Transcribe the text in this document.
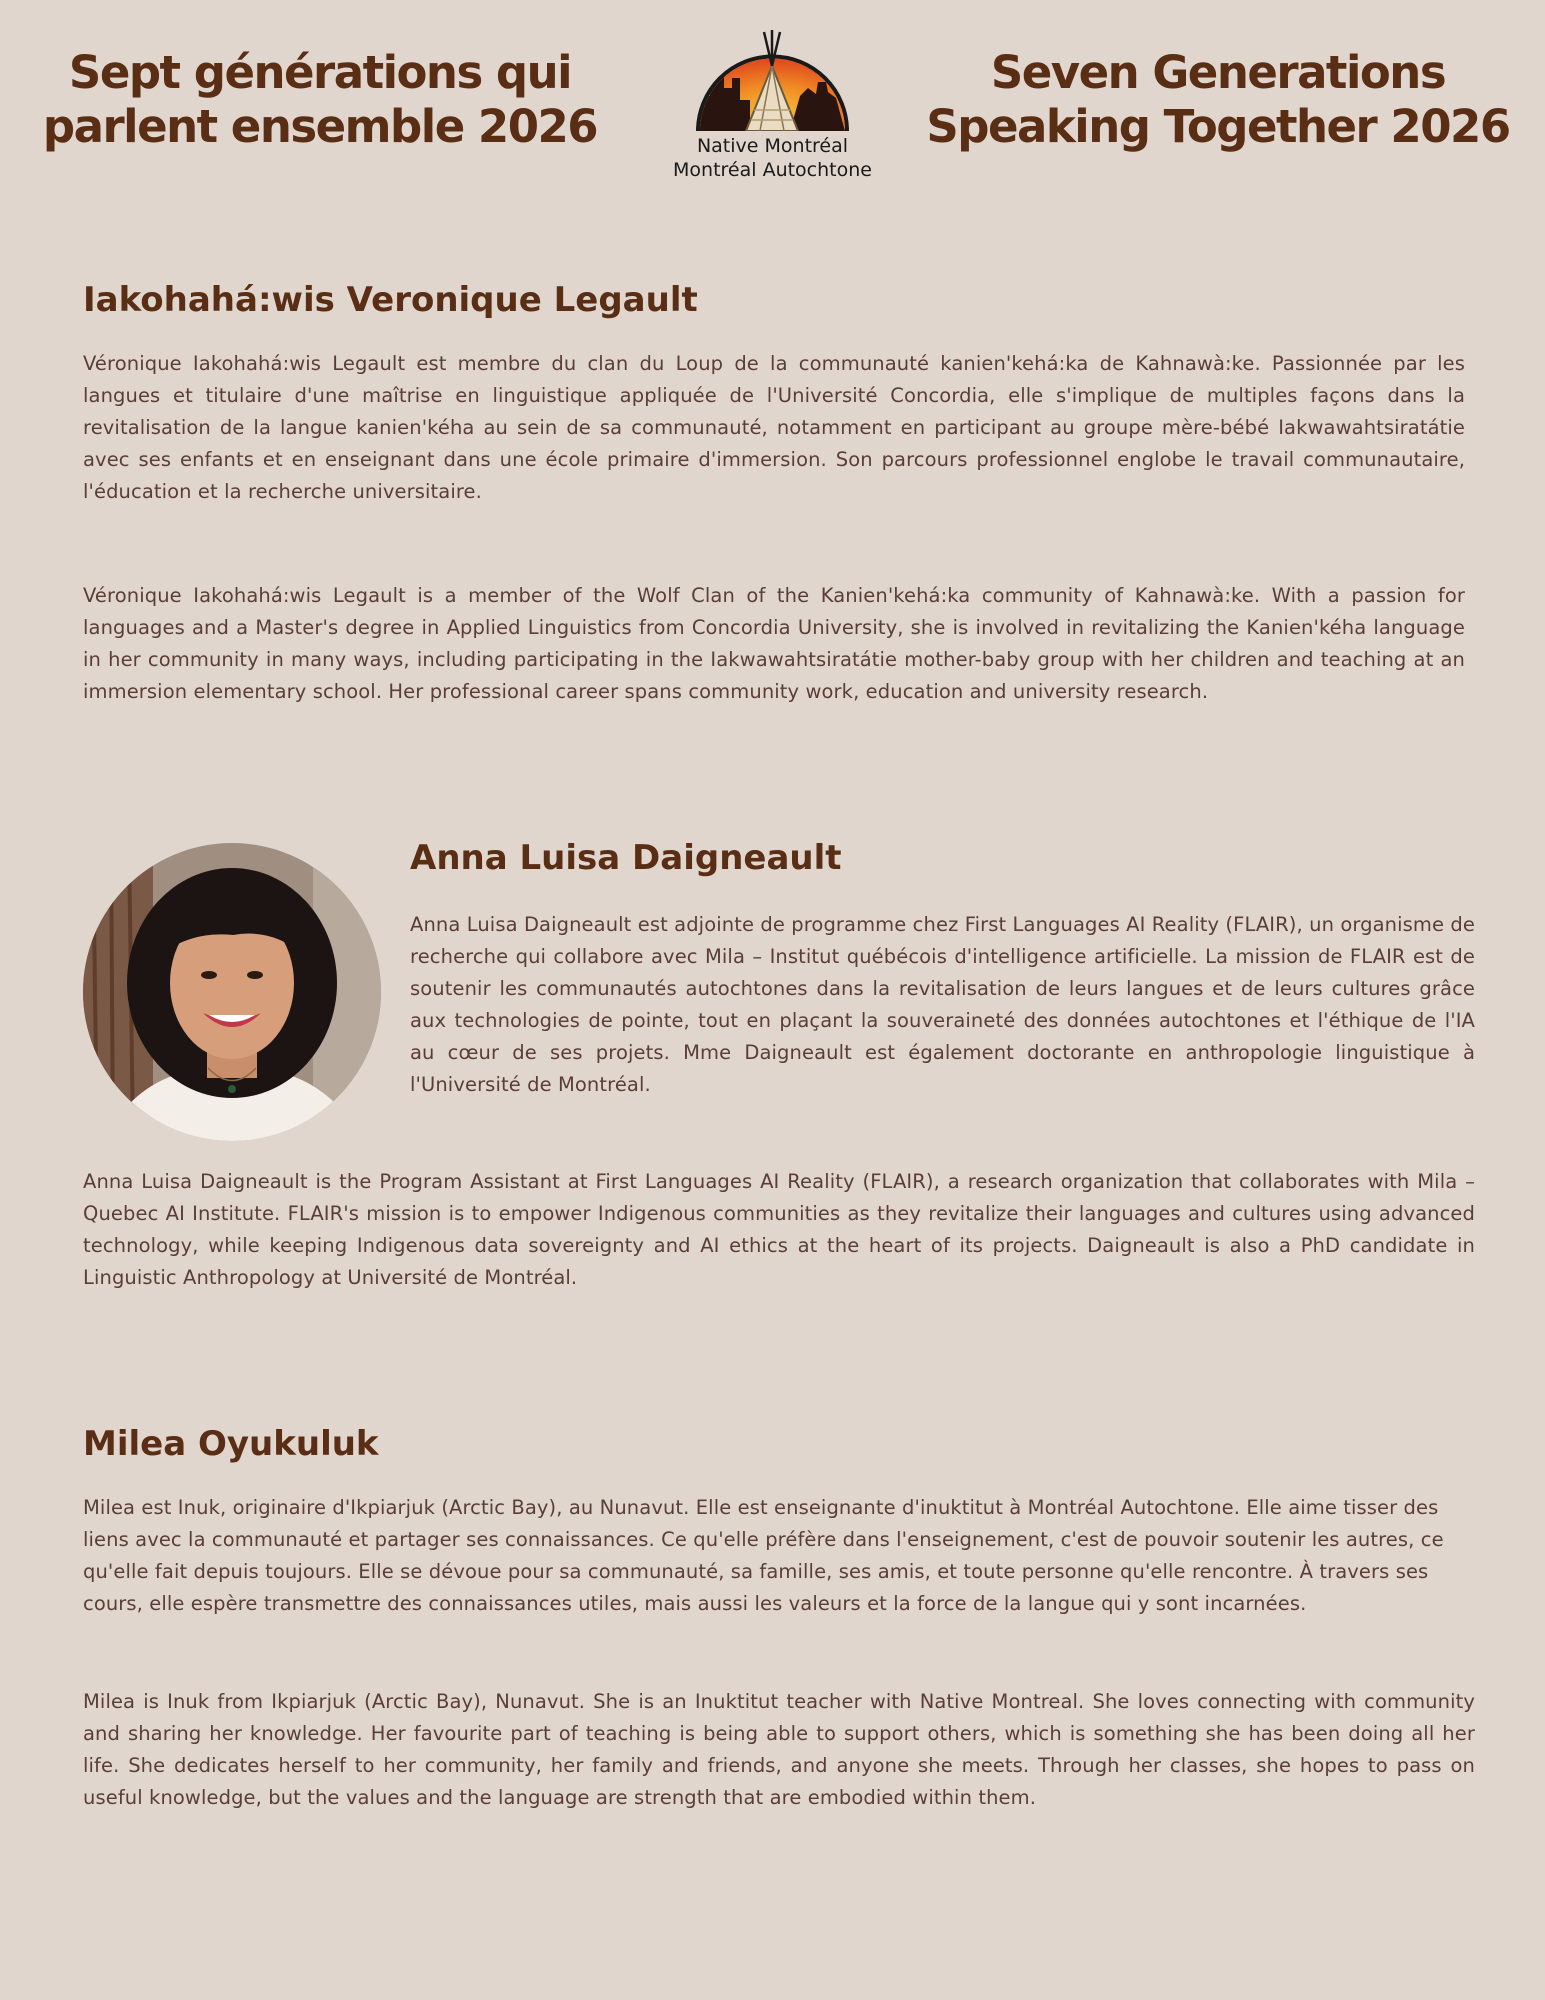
Sept générations qui parlent ensemble 2026	Native Montréal
Montréal Autochtone
Seven Generations Speaking Together 2026
Iakohahá:wis Veronique Legault

Véronique Iakohahá:wis Legault est membre du clan du Loup de la communauté kanien'kehá:ka de Kahnawà:ke. Passionnée par les langues et titulaire d'une maîtrise en linguistique appliquée de l'Université Concordia, elle s'implique de multiples façons dans la revitalisation de la langue kanien'kéha au sein de sa communauté, notamment en participant au groupe mère-bébé Iakwawahtsiratátie avec ses enfants et en enseignant dans une école primaire d'immersion. Son parcours professionnel englobe le travail communautaire, l'éducation et la recherche universitaire.

Véronique Iakohahá:wis Legault is a member of the Wolf Clan of the Kanien'kehá:ka community of Kahnawà:ke. With a passion for languages and a Master's degree in Applied Linguistics from Concordia University, she is involved in revitalizing the Kanien'kéha language in her community in many ways, including participating in the Iakwawahtsiratátie mother-baby group with her children and teaching at an immersion elementary school. Her professional career spans community work, education and university research.

Anna Luisa Daigneault

Anna Luisa Daigneault est adjointe de programme chez First Languages AI Reality (FLAIR), un organisme de recherche qui collabore avec Mila – Institut québécois d'intelligence artificielle. La mission de FLAIR est de soutenir les communautés autochtones dans la revitalisation de leurs langues et de leurs cultures grâce aux technologies de pointe, tout en plaçant la souveraineté des données autochtones et l'éthique de l'IA au cœur de ses projets. Mme Daigneault est également doctorante en anthropologie linguistique à l'Université de Montréal.

Anna Luisa Daigneault is the Program Assistant at First Languages AI Reality (FLAIR), a research organization that collaborates with Mila – Quebec AI Institute. FLAIR's mission is to empower Indigenous communities as they revitalize their languages and cultures using advanced technology, while keeping Indigenous data sovereignty and AI ethics at the heart of its projects. Daigneault is also a PhD candidate in Linguistic Anthropology at Université de Montréal.

Milea Oyukuluk

Milea est Inuk, originaire d'Ikpiarjuk (Arctic Bay), au Nunavut. Elle est enseignante d'inuktitut à Montréal Autochtone. Elle aime tisser des liens avec la communauté et partager ses connaissances. Ce qu'elle préfère dans l'enseignement, c'est de pouvoir soutenir les autres, ce qu'elle fait depuis toujours. Elle se dévoue pour sa communauté, sa famille, ses amis, et toute personne qu'elle rencontre. À travers ses cours, elle espère transmettre des connaissances utiles, mais aussi les valeurs et la force de la langue qui y sont incarnées.

Milea is Inuk from Ikpiarjuk (Arctic Bay), Nunavut. She is an Inuktitut teacher with Native Montreal. She loves connecting with community and sharing her knowledge. Her favourite part of teaching is being able to support others, which is something she has been doing all her life. She dedicates herself to her community, her family and friends, and anyone she meets. Through her classes, she hopes to pass on useful knowledge, but the values and the language are strength that are embodied within them.
